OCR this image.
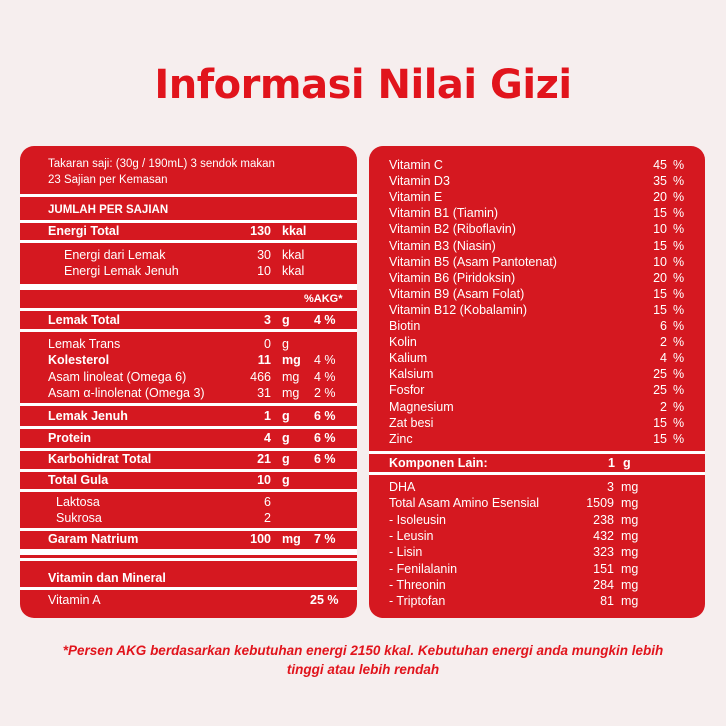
Informasi Nilai Gizi
Takaran saji: (30g / 190mL) 3 sendok makan
23 Sajian per Kemasan
JUMLAH PER SAJIAN
Energi Total	130 kkal
Energi dari Lemak	30 kkal
Energi Lemak Jenuh	10 kkal
%AKG*
Lemak Total	3 g 4 %
Lemak Trans	0 g
Kolesterol	11 mg 4 %
Asam linoleat (Omega 6)	466 mg 4 %
Asam α-linolenat (Omega 3)	31 mg 2 %
Lemak Jenuh	1 g 6 %
Protein	4 g 6 %
Karbohidrat Total	21 g 6 %
Total Gula	10 g
Laktosa	6
Sukrosa	2
Garam Natrium	100 mg 7 %
Vitamin dan Mineral
Vitamin A	25 %
Vitamin C	45 %
Vitamin D3	35 %
Vitamin E	20 %
Vitamin B1 (Tiamin)	15 %
Vitamin B2 (Riboflavin)	10 %
Vitamin B3 (Niasin)	15 %
Vitamin B5 (Asam Pantotenat)	10 %
Vitamin B6 (Piridoksin)	20 %
Vitamin B9 (Asam Folat)	15 %
Vitamin B12 (Kobalamin)	15 %
Biotin	6 %
Kolin	2 %
Kalium	4 %
Kalsium	25 %
Fosfor	25 %
Magnesium	2 %
Zat besi	15 %
Zinc	15 %
Komponen Lain:	1 g
DHA	3 mg
Total Asam Amino Esensial	1509 mg
- Isoleusin	238 mg
- Leusin	432 mg
- Lisin	323 mg
- Fenilalanin	151 mg
- Threonin	284 mg
- Triptofan	81 mg
*Persen AKG berdasarkan kebutuhan energi 2150 kkal. Kebutuhan energi anda mungkin lebih tinggi atau lebih rendah
